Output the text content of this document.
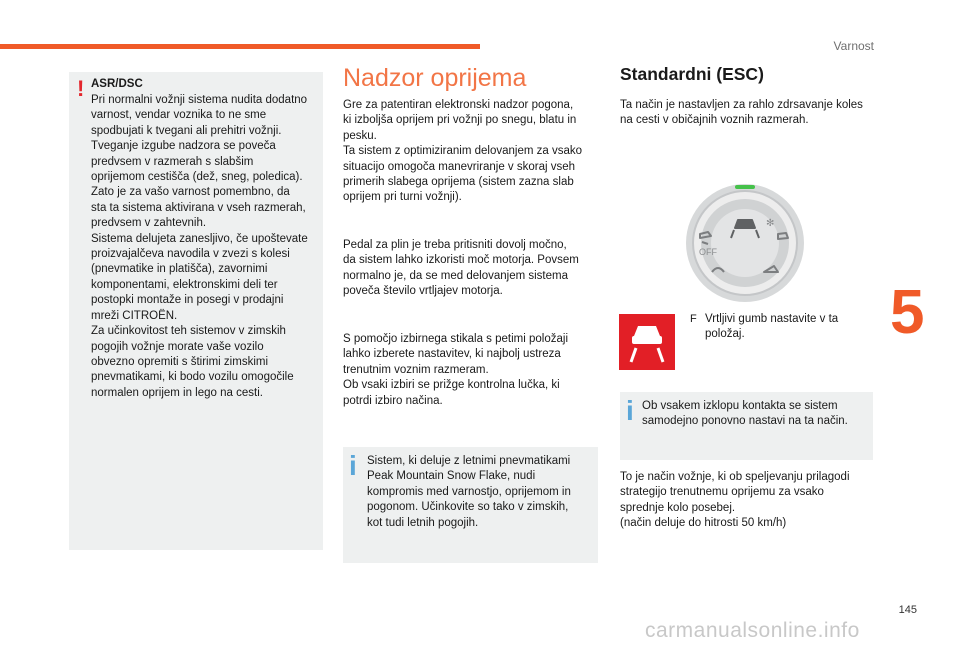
Varnost
5
! ASR/DSC
Pri normalni vožnji sistema nudita dodatno
varnost, vendar voznika to ne sme
spodbujati k tvegani ali prehitri vožnji.
Tveganje izgube nadzora se poveča
predvsem v razmerah s slabšim
oprijemom cestišča (dež, sneg, poledica).
Zato je za vašo varnost pomembno, da
sta ta sistema aktivirana v vseh razmerah,
predvsem v zahtevnih.
Sistema delujeta zanesljivo, če upoštevate
proizvajalčeva navodila v zvezi s kolesi
(pnevmatike in platišča), zavornimi
komponentami, elektronskimi deli ter
postopki montaže in posegi v prodajni
mreži CITROËN.
Za učinkovitost teh sistemov v zimskih
pogojih vožnje morate vaše vozilo
obvezno opremiti s štirimi zimskimi
pnevmatikami, ki bodo vozilu omogočile
normalen oprijem in lego na cesti.
Nadzor oprijema
Gre za patentiran elektronski nadzor pogona,
ki izboljša oprijem pri vožnji po snegu, blatu in
pesku.
Ta sistem z optimiziranim delovanjem za vsako
situacijo omogoča manevriranje v skoraj vseh
primerih slabega oprijema (sistem zazna slab
oprijem pri turni vožnji).
Pedal za plin je treba pritisniti dovolj močno,
da sistem lahko izkoristi moč motorja. Povsem
normalno je, da se med delovanjem sistema
poveča število vrtljajev motorja.
S pomočjo izbirnega stikala s petimi položaji
lahko izberete nastavitev, ki najbolj ustreza
trenutnim voznim razmeram.
Ob vsaki izbiri se prižge kontrolna lučka, ki
potrdi izbiro načina.
i Sistem, ki deluje z letnimi pnevmatikami
Peak Mountain Snow Flake, nudi
kompromis med varnostjo, oprijemom in
pogonom. Učinkovite so tako v zimskih,
kot tudi letnih pogojih.
Standardni (ESC)
Ta način je nastavljen za rahlo zdrsavanje koles
na cesti v običajnih voznih razmerah.
OFF
✻
F Vrtljivi gumb nastavite v ta
položaj.
i Ob vsakem izklopu kontakta se sistem
samodejno ponovno nastavi na ta način.
To je način vožnje, ki ob speljevanju prilagodi
strategijo trenutnemu oprijemu za vsako
sprednje kolo posebej.
(način deluje do hitrosti 50 km/h)
145
carmanualsonline.info
